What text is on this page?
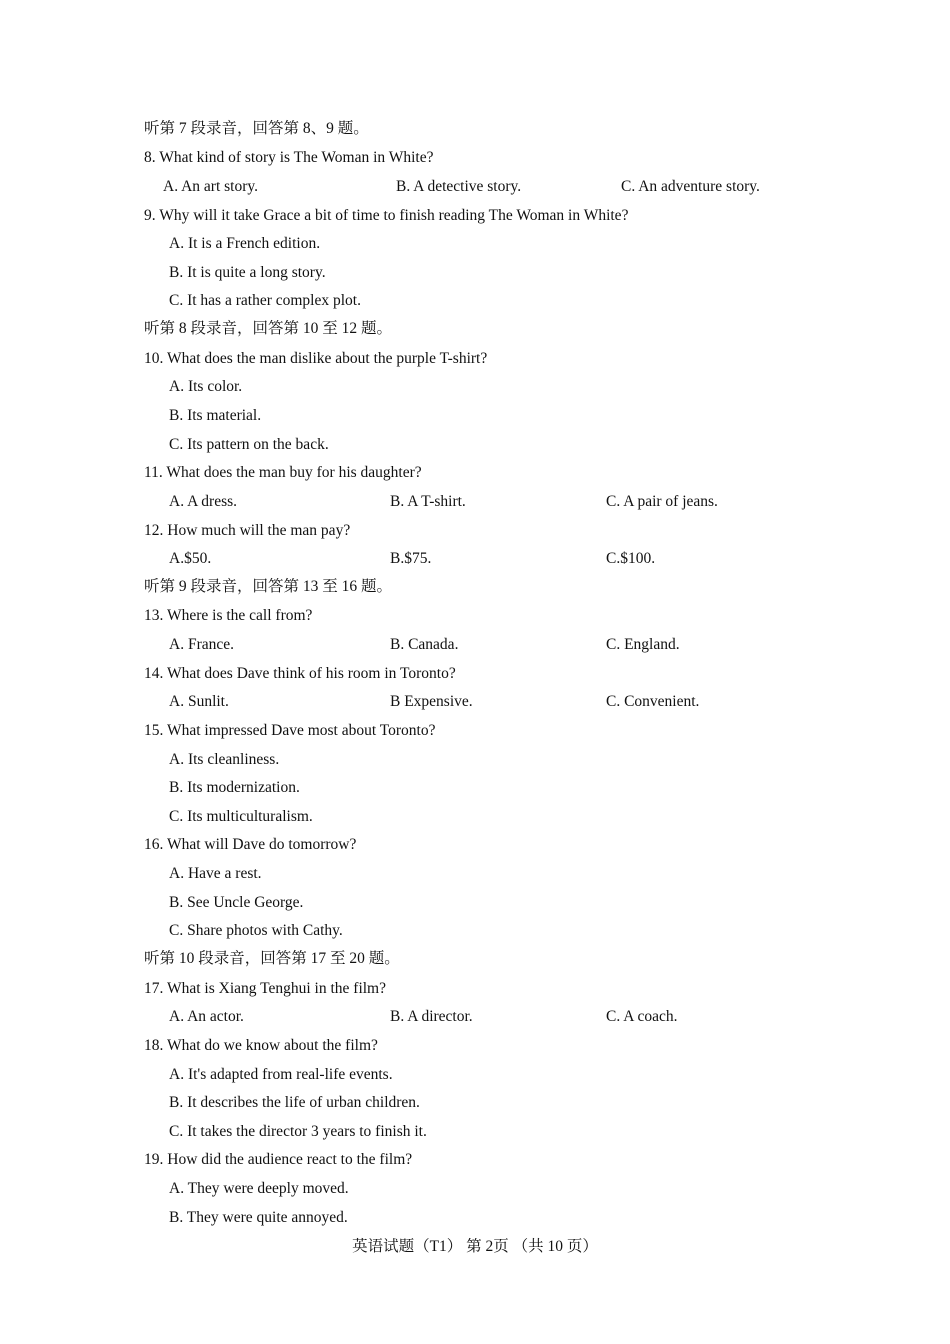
听第 7 段录音，回答第 8、9 题。
8. What kind of story is The Woman in White?
A. An art story.	B. A detective story.	C. An adventure story.
9. Why will it take Grace a bit of time to finish reading The Woman in White?
A. It is a French edition.
B. It is quite a long story.
C. It has a rather complex plot.
听第 8 段录音，回答第 10 至 12 题。
10. What does the man dislike about the purple T-shirt?
A. Its color.
B. Its material.
C. Its pattern on the back.
11. What does the man buy for his daughter?
A. A dress.	B. A T-shirt.	C. A pair of jeans.
12. How much will the man pay?
A.$50.	B.$75.	C.$100.
听第 9 段录音，回答第 13 至 16 题。
13. Where is the call from?
A. France.	B. Canada.	C. England.
14. What does Dave think of his room in Toronto?
A. Sunlit.	B Expensive.	C. Convenient.
15. What impressed Dave most about Toronto?
A. Its cleanliness.
B. Its modernization.
C. Its multiculturalism.
16. What will Dave do tomorrow?
A. Have a rest.
B. See Uncle George.
C. Share photos with Cathy.
听第 10 段录音，回答第 17 至 20 题。
17. What is Xiang Tenghui in the film?
A. An actor.	B. A director.	C. A coach.
18. What do we know about the film?
A. It's adapted from real-life events.
B. It describes the life of urban children.
C. It takes the director 3 years to finish it.
19. How did the audience react to the film?
A. They were deeply moved.
B. They were quite annoyed.
英语试题（T1） 第 2页 （共 10 页）
